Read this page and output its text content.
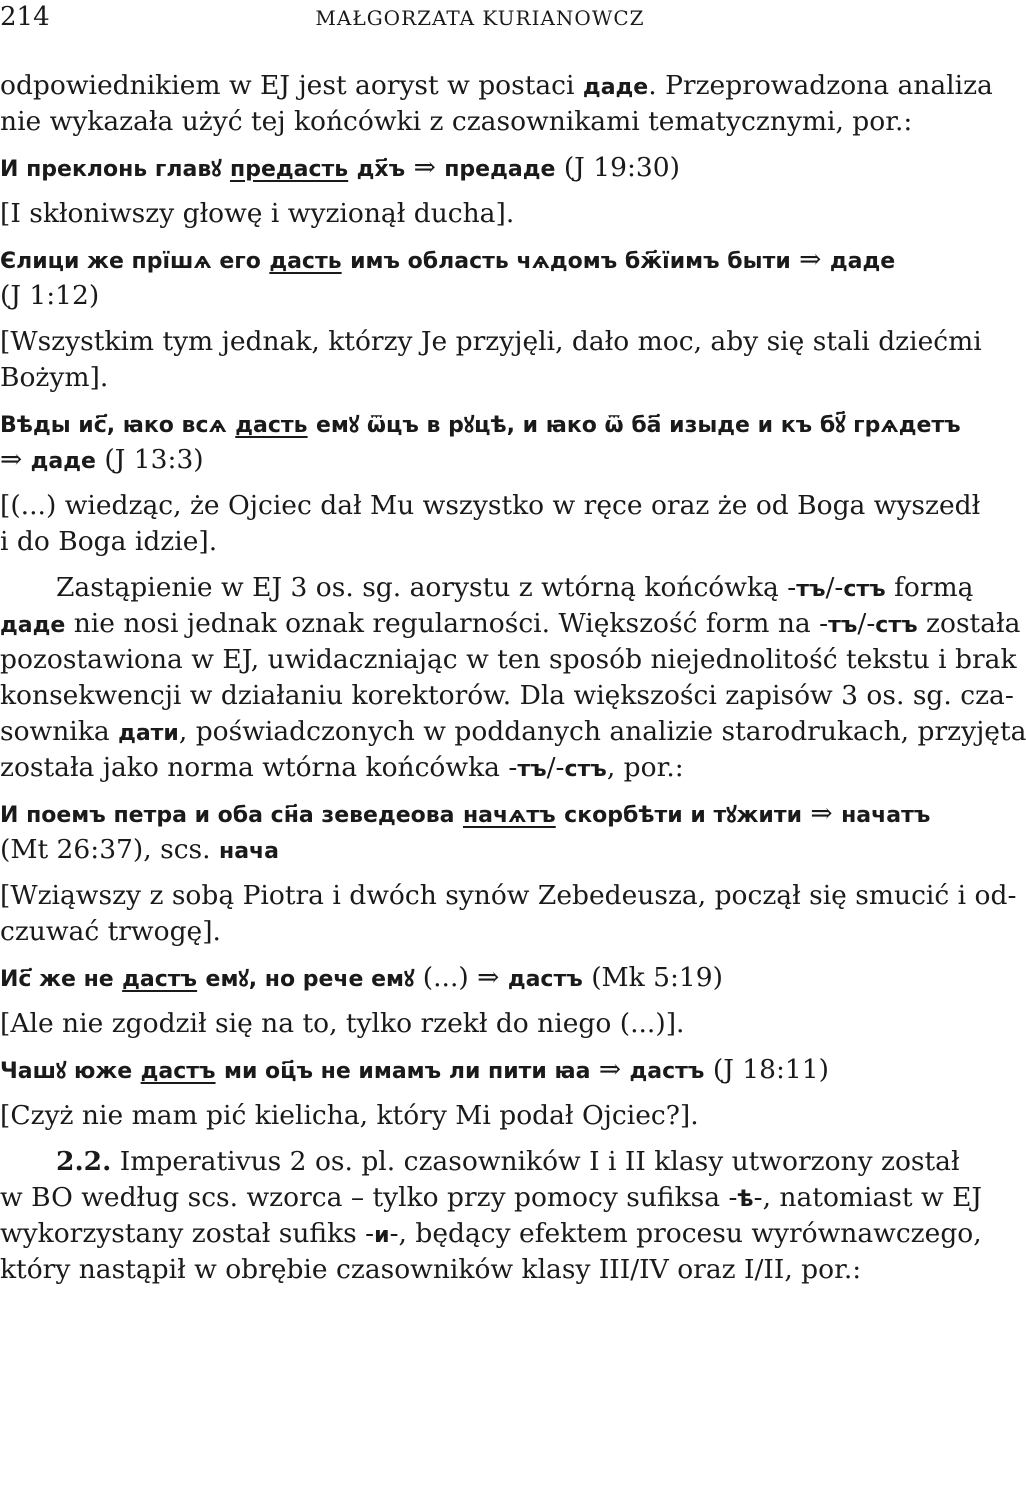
214	MAŁGORZATA KURIANOWCZ
odpowiednikiem w EJ jest aoryst w postaci даде. Przeprowadzona analiza
nie wykazała użyć tej końcówki z czasownikami tematycznymi, por.:
И преклонь главꙋ предасть дх҃ъ ⇒ предаде (J 19:30)
[I skłoniwszy głowę i wyzionął ducha].
Єлици же прїшѧ его дасть имъ область чѧдомъ бж҃їимъ быти ⇒ даде
(J 1:12)
[Wszystkim tym jednak, którzy Je przyjęli, dało moc, aby się stali dziećmi
Bożym].
Вѣды ис҃, ꙗко всѧ дасть емꙋ ѿцъ в рꙋцѣ, и ꙗко ѿ ба҃ изыде и къ бꙋ҃ грѧдетъ
⇒ даде (J 13:3)
[(...) wiedząc, że Ojciec dał Mu wszystko w ręce oraz że od Boga wyszedł
i do Boga idzie].
Zastąpienie w EJ 3 os. sg. aorystu z wtórną końcówką -тъ/-стъ formą
даде nie nosi jednak oznak regularności. Większość form na -тъ/-стъ została
pozostawiona w EJ, uwidaczniając w ten sposób niejednolitość tekstu i brak
konsekwencji w działaniu korektorów. Dla większości zapisów 3 os. sg. cza-
sownika дати, poświadczonych w poddanych analizie starodrukach, przyjęta
została jako norma wtórna końcówka -тъ/-стъ, por.:
И поемъ петра и оба сн҃а зеведеова начѧтъ скорбѣти и тꙋжити ⇒ начатъ
(Mt 26:37), scs. нача
[Wziąwszy z sobą Piotra i dwóch synów Zebedeusza, począł się smucić i od-
czuwać trwogę].
Ис҃ же не дастъ емꙋ, но рече емꙋ (...) ⇒ дастъ (Mk 5:19)
[Ale nie zgodził się na to, tylko rzekł do niego (...)].
Чашꙋ юже дастъ ми оц҃ъ не имамъ ли пити ꙗа ⇒ дастъ (J 18:11)
[Czyż nie mam pić kielicha, który Mi podał Ojciec?].
2.2. Imperativus 2 os. pl. czasowników I i II klasy utworzony został
w BO według scs. wzorca – tylko przy pomocy sufiksa -ѣ-, natomiast w EJ
wykorzystany został sufiks -и-, będący efektem procesu wyrównawczego,
który nastąpił w obrębie czasowników klasy III/IV oraz I/II, por.:
